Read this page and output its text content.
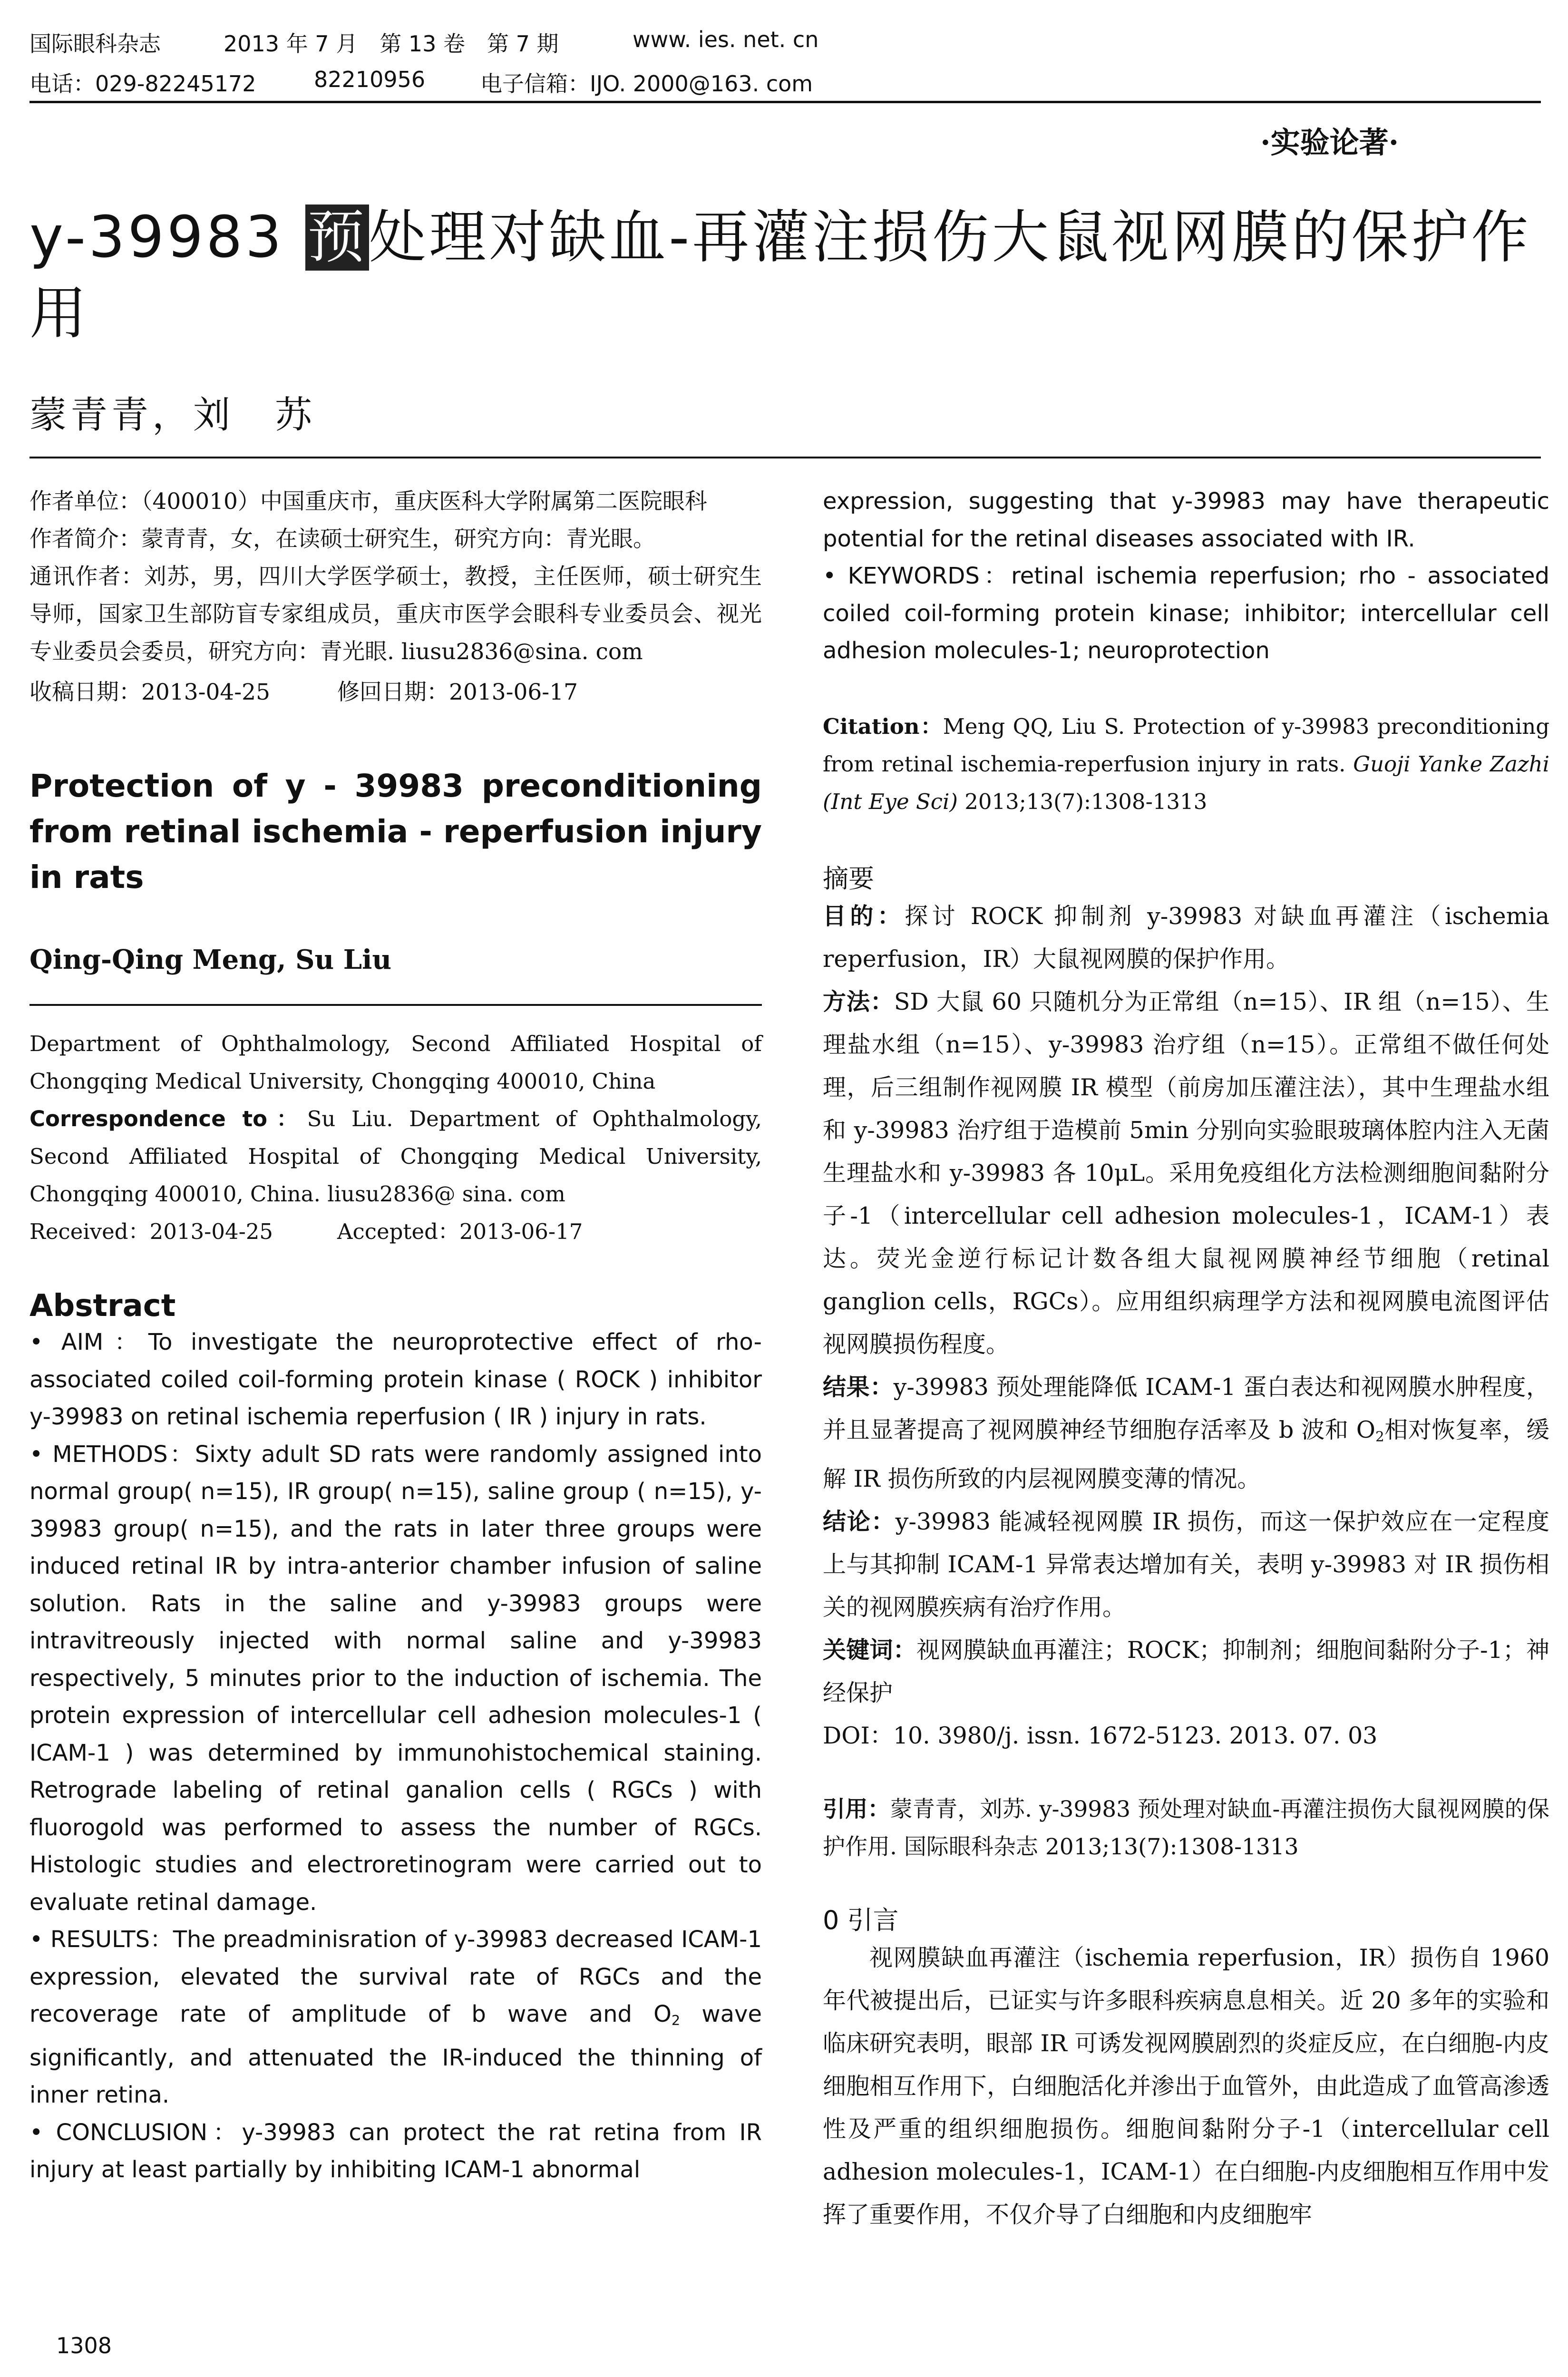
国际眼科杂志	2013 年 7 月　第 13 卷　第 7 期	www. ies. net. cn
电话：029-82245172	82210956	电子信箱：IJO. 2000@163. com
·实验论著·
y-39983 预处理对缺血-再灌注损伤大鼠视网膜的保护作用
蒙青青，刘　苏

作者单位：（400010）中国重庆市，重庆医科大学附属第二医院眼科

作者简介：蒙青青，女，在读硕士研究生，研究方向：青光眼。

通讯作者：刘苏，男，四川大学医学硕士，教授，主任医师，硕士研究生导师，国家卫生部防盲专家组成员，重庆市医学会眼科专业委员会、视光专业委员会委员，研究方向：青光眼. liusu2836@sina. com

收稿日期：2013-04-25　　　修回日期：2013-06-17

Protection of y - 39983 preconditioning from retinal ischemia - reperfusion injury in rats

Qing-Qing Meng, Su Liu

Department of Ophthalmology, Second Affiliated Hospital of Chongqing Medical University, Chongqing 400010, China

Correspondence to：Su Liu. Department of Ophthalmology, Second Affiliated Hospital of Chongqing Medical University, Chongqing 400010, China. liusu2836@ sina. com

Received：2013-04-25　　　Accepted：2013-06-17

Abstract

• AIM：To investigate the neuroprotective effect of rho-associated coiled coil-forming protein kinase ( ROCK ) inhibitor y-39983 on retinal ischemia reperfusion ( IR ) injury in rats.

• METHODS：Sixty adult SD rats were randomly assigned into normal group( n=15), IR group( n=15), saline group ( n=15), y-39983 group( n=15), and the rats in later three groups were induced retinal IR by intra-anterior chamber infusion of saline solution. Rats in the saline and y-39983 groups were intravitreously injected with normal saline and y-39983 respectively, 5 minutes prior to the induction of ischemia. The protein expression of intercellular cell adhesion molecules-1 ( ICAM-1 ) was determined by immunohistochemical staining. Retrograde labeling of retinal ganalion cells ( RGCs ) with fluorogold was performed to assess the number of RGCs. Histologic studies and electroretinogram were carried out to evaluate retinal damage.

• RESULTS：The preadminisration of y-39983 decreased ICAM-1 expression, elevated the survival rate of RGCs and the recoverage rate of amplitude of b wave and $O_2$ wave significantly, and attenuated the IR-induced the thinning of inner retina.

• CONCLUSION：y-39983 can protect the rat retina from IR injury at least partially by inhibiting ICAM-1 abnormal

expression, suggesting that y-39983 may have therapeutic potential for the retinal diseases associated with IR.

• KEYWORDS：retinal ischemia reperfusion; rho - associated coiled coil-forming protein kinase; inhibitor; intercellular cell adhesion molecules-1; neuroprotection

Citation：Meng QQ, Liu S. Protection of y-39983 preconditioning from retinal ischemia-reperfusion injury in rats. Guoji Yanke Zazhi (Int Eye Sci) 2013;13(7):1308-1313

摘要

目的：探讨 ROCK 抑制剂 y-39983 对缺血再灌注（ischemia reperfusion，IR）大鼠视网膜的保护作用。

方法：SD 大鼠 60 只随机分为正常组（n=15）、IR 组（n=15）、生理盐水组（n=15）、y-39983 治疗组（n=15）。正常组不做任何处理，后三组制作视网膜 IR 模型（前房加压灌注法），其中生理盐水组和 y-39983 治疗组于造模前 5min 分别向实验眼玻璃体腔内注入无菌生理盐水和 y-39983 各 10μL。采用免疫组化方法检测细胞间黏附分子-1（intercellular cell adhesion molecules-1，ICAM-1）表达。荧光金逆行标记计数各组大鼠视网膜神经节细胞（retinal ganglion cells，RGCs）。应用组织病理学方法和视网膜电流图评估视网膜损伤程度。

结果：y-39983 预处理能降低 ICAM-1 蛋白表达和视网膜水肿程度，并且显著提高了视网膜神经节细胞存活率及 b 波和 $O_2$相对恢复率，缓解 IR 损伤所致的内层视网膜变薄的情况。

结论：y-39983 能减轻视网膜 IR 损伤，而这一保护效应在一定程度上与其抑制 ICAM-1 异常表达增加有关，表明 y-39983 对 IR 损伤相关的视网膜疾病有治疗作用。

关键词：视网膜缺血再灌注；ROCK；抑制剂；细胞间黏附分子-1；神经保护

DOI：10. 3980/j. issn. 1672-5123. 2013. 07. 03

引用：蒙青青，刘苏. y-39983 预处理对缺血-再灌注损伤大鼠视网膜的保护作用. 国际眼科杂志 2013;13(7):1308-1313

0 引言

视网膜缺血再灌注（ischemia reperfusion，IR）损伤自 1960 年代被提出后，已证实与许多眼科疾病息息相关。近 20 多年的实验和临床研究表明，眼部 IR 可诱发视网膜剧烈的炎症反应，在白细胞-内皮细胞相互作用下，白细胞活化并渗出于血管外，由此造成了血管高渗透性及严重的组织细胞损伤。细胞间黏附分子-1（intercellular cell adhesion molecules-1，ICAM-1）在白细胞-内皮细胞相互作用中发挥了重要作用，不仅介导了白细胞和内皮细胞牢

1308
